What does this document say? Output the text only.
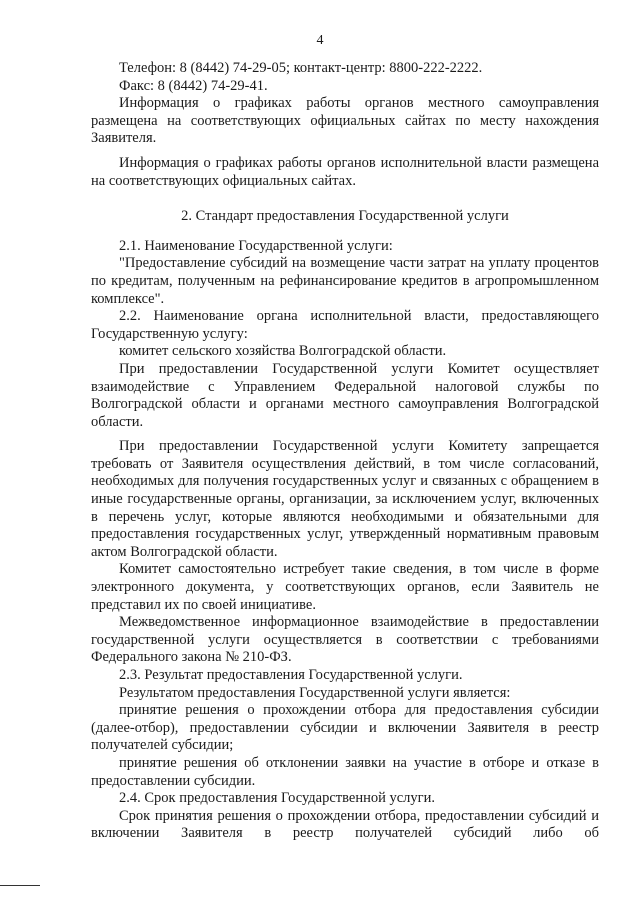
4

Телефон: 8 (8442) 74-29-05; контакт-центр: 8800-222-2222.

Факс: 8 (8442) 74-29-41.

Информация о графиках работы органов местного самоуправления размещена на соответствующих официальных сайтах по месту нахождения Заявителя.

Информация о графиках работы органов исполнительной власти размещена на соответствующих официальных сайтах.

2. Стандарт предоставления Государственной услуги

2.1. Наименование Государственной услуги:

"Предоставление субсидий на возмещение части затрат на уплату процентов по кредитам, полученным на рефинансирование кредитов в агропромышленном комплексе".

2.2. Наименование органа исполнительной власти, предоставляющего Государственную услугу:

комитет сельского хозяйства Волгоградской области.

При предоставлении Государственной услуги Комитет осуществляет взаимодействие с Управлением Федеральной налоговой службы по Волгоградской области и органами местного самоуправления Волгоградской области.

При предоставлении Государственной услуги Комитету запрещается требовать от Заявителя осуществления действий, в том числе согласований, необходимых для получения государственных услуг и связанных с обращением в иные государственные органы, организации, за исключением услуг, включенных в перечень услуг, которые являются необходимыми и обязательными для предоставления государственных услуг, утвержденный нормативным правовым актом Волгоградской области.

Комитет самостоятельно истребует такие сведения, в том числе в форме электронного документа, у соответствующих органов, если Заявитель не представил их по своей инициативе.

Межведомственное информационное взаимодействие в предоставлении государственной услуги осуществляется в соответствии с требованиями Федерального закона № 210-ФЗ.

2.3. Результат предоставления Государственной услуги.

Результатом предоставления Государственной услуги является:

принятие решения о прохождении отбора для предоставления субсидии (далее-отбор), предоставлении субсидии и включении Заявителя в реестр получателей субсидии;

принятие решения об отклонении заявки на участие в отборе и отказе в предоставлении субсидии.

2.4. Срок предоставления Государственной услуги.

Срок принятия решения о прохождении отбора, предоставлении субсидий и включении Заявителя в реестр получателей субсидий либо об
